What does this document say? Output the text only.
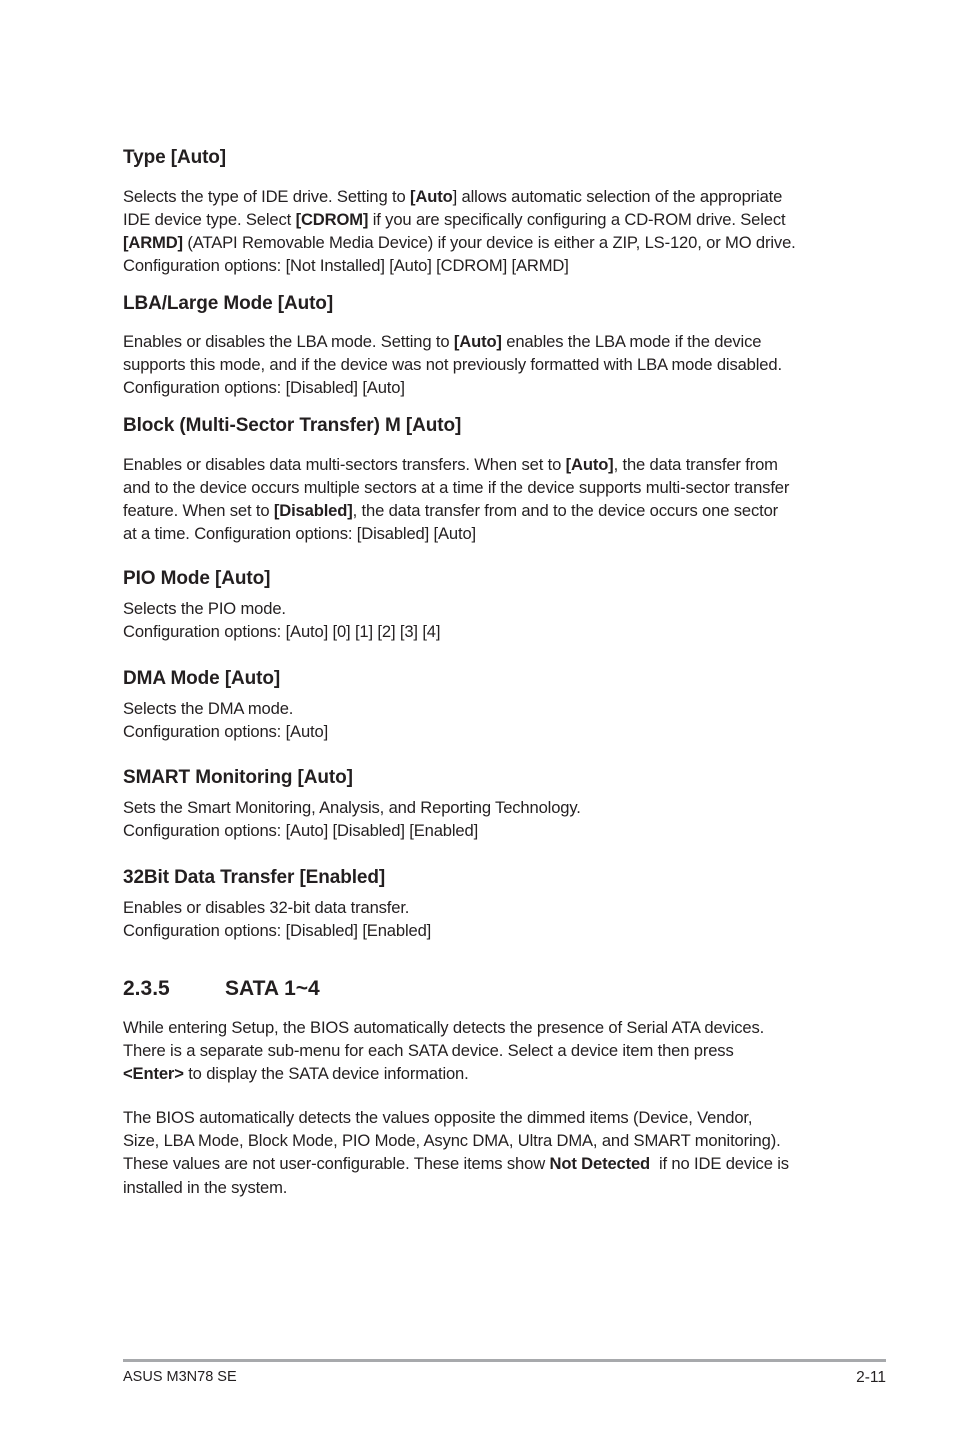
Type [Auto]
Selects the type of IDE drive. Setting to [Auto] allows automatic selection of the appropriate
IDE device type. Select [CDROM] if you are specifically configuring a CD-ROM drive. Select
[ARMD] (ATAPI Removable Media Device) if your device is either a ZIP, LS-120, or MO drive.
Configuration options: [Not Installed] [Auto] [CDROM] [ARMD]
LBA/Large Mode [Auto]
Enables or disables the LBA mode. Setting to [Auto] enables the LBA mode if the device
supports this mode, and if the device was not previously formatted with LBA mode disabled.
Configuration options: [Disabled] [Auto]
Block (Multi-Sector Transfer) M [Auto]
Enables or disables data multi-sectors transfers. When set to [Auto], the data transfer from
and to the device occurs multiple sectors at a time if the device supports multi-sector transfer
feature. When set to [Disabled], the data transfer from and to the device occurs one sector
at a time. Configuration options: [Disabled] [Auto]
PIO Mode [Auto]
Selects the PIO mode.
Configuration options: [Auto] [0] [1] [2] [3] [4]
DMA Mode [Auto]
Selects the DMA mode.
Configuration options: [Auto]
SMART Monitoring [Auto]
Sets the Smart Monitoring, Analysis, and Reporting Technology.
Configuration options: [Auto] [Disabled] [Enabled]
32Bit Data Transfer [Enabled]
Enables or disables 32-bit data transfer.
Configuration options: [Disabled] [Enabled]
2.3.5	SATA 1~4
While entering Setup, the BIOS automatically detects the presence of Serial ATA devices.
There is a separate sub-menu for each SATA device. Select a device item then press
<Enter> to display the SATA device information.
The BIOS automatically detects the values opposite the dimmed items (Device, Vendor,
Size, LBA Mode, Block Mode, PIO Mode, Async DMA, Ultra DMA, and SMART monitoring).
These values are not user-configurable. These items show Not Detected  if no IDE device is
installed in the system.
ASUS M3N78 SE	2-11
